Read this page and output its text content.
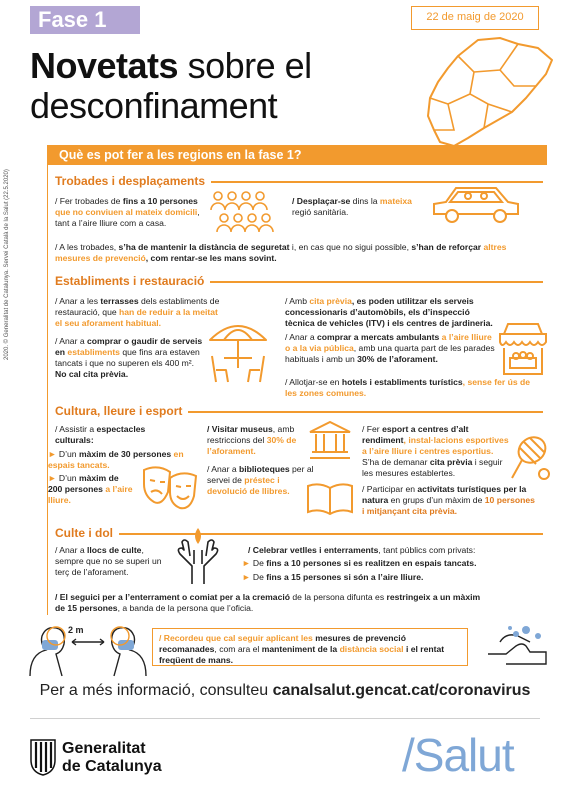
Fase 1	22 de maig de 2020
Novetats sobre el
desconfinament
Què es pot fer a les regions en la fase 1?
Trobades i desplaçaments
/ Fer trobades de fins a 10 persones que no conviuen al mateix domicili, tant a l’aire lliure com a casa.
/ Desplaçar-se dins la mateixa regió sanitària.
/ A les trobades, s’ha de mantenir la distància de seguretat i, en cas que no sigui possible, s’han de reforçar altres mesures de prevenció, com rentar-se les mans sovint.
Establiments i restauració
/ Anar a les terrasses dels establiments de restauració, que han de reduir a la meitat el seu aforament habitual.
/ Anar a comprar o gaudir de serveis en establiments que fins ara estaven tancats i que no superen els 400 m².
No cal cita prèvia.
/ Amb cita prèvia, es poden utilitzar els serveis concessionaris d’automòbils, els d’inspecció tècnica de vehicles (ITV) i els centres de jardineria.
/ Anar a comprar a mercats ambulants a l’aire lliure o a la via pública, amb una quarta part de les parades habituals i amb un 30% de l’aforament.
/ Allotjar-se en hotels i establiments turístics, sense fer ús de les zones comunes.
Cultura, lleure i esport
/ Assistir a espectacles culturals:
► D’un màxim de 30 persones en espais tancats.
► D’un màxim de 200 persones a l’aire lliure.
/ Visitar museus, amb restriccions del 30% de l’aforament.
/ Anar a biblioteques per al servei de préstec i devolució de llibres.
/ Fer esport a centres d’alt rendiment, instal·lacions esportives a l’aire lliure i centres esportius. S’ha de demanar cita prèvia i seguir les mesures establertes.
/ Participar en activitats turístiques per la natura en grups d’un màxim de 10 persones i mitjançant cita prèvia.
Culte i dol
/ Anar a llocs de culte, sempre que no se superi un terç de l’aforament.
/ Celebrar vetlles i enterraments, tant públics com privats:
► De fins a 10 persones si es realitzen en espais tancats.
► De fins a 15 persones si són a l’aire lliure.
/ El seguici per a l’enterrament o comiat per a la cremació de la persona difunta es restringeix a un màxim de 15 persones, a banda de la persona que l’oficia.
2 m
/ Recordeu que cal seguir aplicant les mesures de prevenció recomanades, com ara el manteniment de la distància social i el rentat freqüent de mans.
2020. © Generalitat de Catalunya. Servei Català de la Salut (22.5.2020)
Per a més informació, consulteu canalsalut.gencat.cat/coronavirus
Generalitat
de Catalunya	/Salut
